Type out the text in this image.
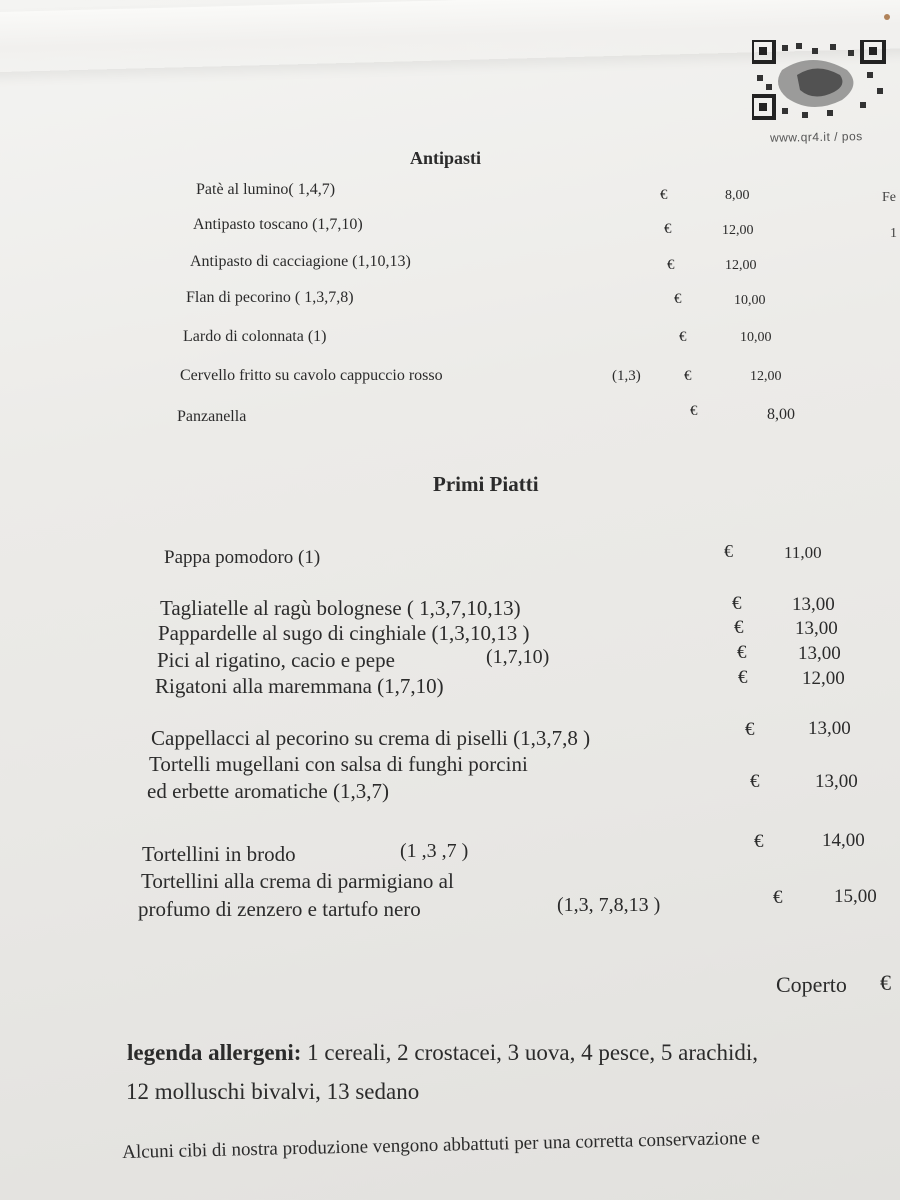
www.qr4.it / pos
Fe
1
Antipasti
Patè al lumino( 1,4,7)	€	8,00
Antipasto toscano (1,7,10)	€	12,00
Antipasto di cacciagione (1,10,13)	€	12,00
Flan di pecorino ( 1,3,7,8)	€	10,00
Lardo di colonnata (1)	€	10,00
Cervello fritto su cavolo cappuccio rosso	(1,3)	€	12,00
Panzanella	€	8,00
Primi Piatti
Pappa pomodoro (1)	€	11,00
Tagliatelle al ragù bolognese ( 1,3,7,10,13)	€	13,00
Pappardelle al sugo di cinghiale (1,3,10,13 )	€	13,00
Pici al rigatino, cacio e pepe	(1,7,10)	€	13,00
Rigatoni alla maremmana (1,7,10)	€	12,00
Cappellacci al pecorino su crema di piselli (1,3,7,8 )	€	13,00
Tortelli mugellani con salsa di funghi porcini
ed erbette aromatiche (1,3,7)	€	13,00
Tortellini in brodo	(1 ,3 ,7 )	€	14,00
Tortellini alla crema di parmigiano al
profumo di zenzero e tartufo nero	(1,3, 7,8,13 )	€	15,00
Coperto €
legenda allergeni: 1 cereali, 2 crostacei, 3 uova, 4 pesce, 5 arachidi,
12 molluschi bivalvi, 13 sedano
Alcuni cibi di nostra produzione vengono abbattuti per una corretta conservazione e
